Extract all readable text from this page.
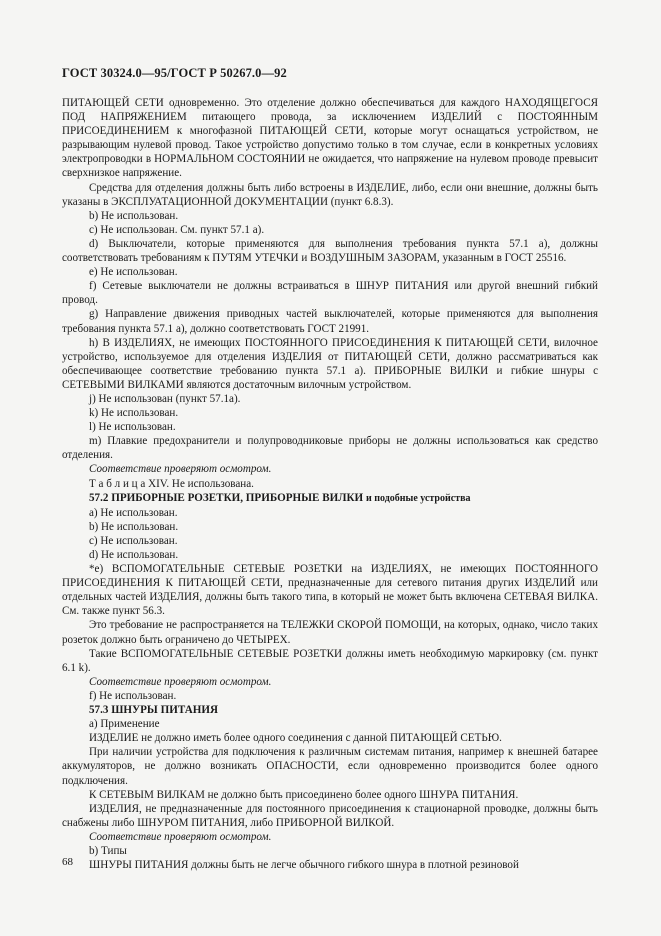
ГОСТ 30324.0—95/ГОСТ Р 50267.0—92

ПИТАЮЩЕЙ СЕТИ одновременно. Это отделение должно обеспечиваться для каждого НАХОДЯЩЕГОСЯ ПОД НАПРЯЖЕНИЕМ питающего провода, за исключением ИЗДЕЛИЙ с ПОСТОЯННЫМ ПРИСОЕДИНЕНИЕМ к многофазной ПИТАЮЩЕЙ СЕТИ, которые могут оснащаться устройством, не разрывающим нулевой провод. Такое устройство допустимо только в том случае, если в конкретных условиях электропроводки в НОРМАЛЬНОМ СОСТОЯНИИ не ожидается, что напряжение на нулевом проводе превысит сверхнизкое напряжение.

Средства для отделения должны быть либо встроены в ИЗДЕЛИЕ, либо, если они внешние, должны быть указаны в ЭКСПЛУАТАЦИОННОЙ ДОКУМЕНТАЦИИ (пункт 6.8.3).

b) Не использован.

c) Не использован. См. пункт 57.1 a).

d) Выключатели, которые применяются для выполнения требования пункта 57.1 a), должны соответствовать требованиям к ПУТЯМ УТЕЧКИ и ВОЗДУШНЫМ ЗАЗОРАМ, указанным в ГОСТ 25516.

e) Не использован.

f) Сетевые выключатели не должны встраиваться в ШНУР ПИТАНИЯ или другой внешний гибкий провод.

g) Направление движения приводных частей выключателей, которые применяются для выполнения требования пункта 57.1 a), должно соответствовать ГОСТ 21991.

h) В ИЗДЕЛИЯХ, не имеющих ПОСТОЯННОГО ПРИСОЕДИНЕНИЯ К ПИТАЮЩЕЙ СЕТИ, вилочное устройство, используемое для отделения ИЗДЕЛИЯ от ПИТАЮЩЕЙ СЕТИ, должно рассматриваться как обеспечивающее соответствие требованию пункта 57.1 a). ПРИБОРНЫЕ ВИЛКИ и гибкие шнуры с СЕТЕВЫМИ ВИЛКАМИ являются достаточным вилочным устройством.

j) Не использован (пункт 57.1a).

k) Не использован.

l) Не использован.

m) Плавкие предохранители и полупроводниковые приборы не должны использоваться как средство отделения.

Соответствие проверяют осмотром.

Т а б л и ц а XIV. Не использована.

57.2 ПРИБОРНЫЕ РОЗЕТКИ, ПРИБОРНЫЕ ВИЛКИ и подобные устройства

a) Не использован.

b) Не использован.

c) Не использован.

d) Не использован.

*e) ВСПОМОГАТЕЛЬНЫЕ СЕТЕВЫЕ РОЗЕТКИ на ИЗДЕЛИЯХ, не имеющих ПОСТОЯННОГО ПРИСОЕДИНЕНИЯ К ПИТАЮЩЕЙ СЕТИ, предназначенные для сетевого питания других ИЗДЕЛИЙ или отдельных частей ИЗДЕЛИЯ, должны быть такого типа, в который не может быть включена СЕТЕВАЯ ВИЛКА. См. также пункт 56.3.

Это требование не распространяется на ТЕЛЕЖКИ СКОРОЙ ПОМОЩИ, на которых, однако, число таких розеток должно быть ограничено до ЧЕТЫРЕХ.

Такие ВСПОМОГАТЕЛЬНЫЕ СЕТЕВЫЕ РОЗЕТКИ должны иметь необходимую маркировку (см. пункт 6.1 k).

Соответствие проверяют осмотром.

f) Не использован.

57.3 ШНУРЫ ПИТАНИЯ

a) Применение

ИЗДЕЛИЕ не должно иметь более одного соединения с данной ПИТАЮЩЕЙ СЕТЬЮ.

При наличии устройства для подключения к различным системам питания, например к внешней батарее аккумуляторов, не должно возникать ОПАСНОСТИ, если одновременно производится более одного подключения.

К СЕТЕВЫМ ВИЛКАМ не должно быть присоединено более одного ШНУРА ПИТАНИЯ.

ИЗДЕЛИЯ, не предназначенные для постоянного присоединения к стационарной проводке, должны быть снабжены либо ШНУРОМ ПИТАНИЯ, либо ПРИБОРНОЙ ВИЛКОЙ.

Соответствие проверяют осмотром.

b) Типы

ШНУРЫ ПИТАНИЯ должны быть не легче обычного гибкого шнура в плотной резиновой

68
